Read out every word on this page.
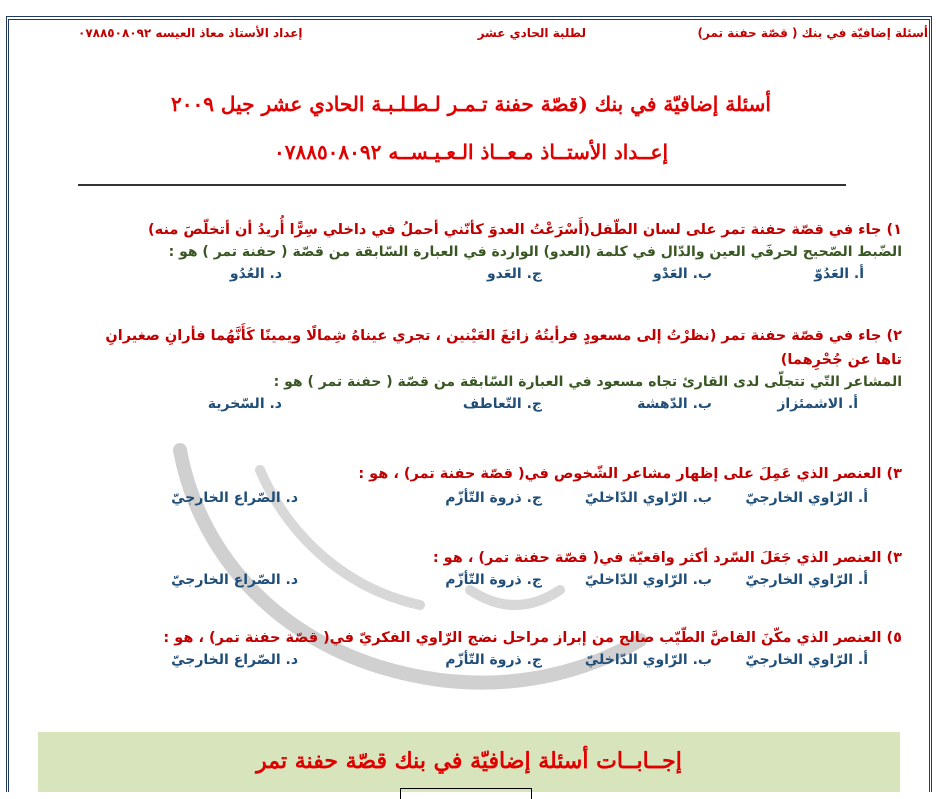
أسئلة إضافيّة في بنك ( قصّة حفنة تمر)
لطلبة الحادي عشر
إعداد الأستاذ معاذ العيسه ٠٧٨٨٥٠٨٠٩٢
أسئلة إضافيّة في بنك (قصّة حفنة تـمـر لـطـلـبـة الحادي عشر جيل ٢٠٠٩
إعــداد الأستــاذ مـعــاذ الـعـيـســه ٠٧٨٨٥٠٨٠٩٢
١) جاء في قصّة حفنة تمر على لسان الطّفل(أَسْرَعْتُ العدوَ كأنّني أحملُ في داخلي سِرًّا أُريدُ أن أتخلّصَ منه)
الضّبط الصّحيح لحرفَي العين والدّال في كلمة (العدو) الواردة في العبارة السّابقة من قصّة ( حفنة تمر ) هو :
أ. العَدُوّ
ب. العَدْو
ج. العَدو
د. العُدُو
٢) جاء في قصّة حفنة تمر (نظرْتُ إلى مسعودٍ فرأيتُهُ زائغَ العَيْنين ، تجري عيناهُ شِمالًا ويمينًا كَأَنَّهُما فأرانِ صغيرانِ
تاها عن جُحْرِهما)
المشاعر التّي تتجلّى لدى القارئ تجاه مسعود في العبارة السّابقة من قصّة ( حفنة تمر ) هو :
أ. الاشمئزاز
ب. الدّهشة
ج. التّعاطف
د. السّخرية
٣) العنصر الذي عَمِلَ على إظهار مشاعر الشّخوص في( قصّة حفنة تمر) ، هو :
أ. الرّاوي الخارجيّ
ب. الرّاوي الدّاخليّ
ج. ذروة التّأزّم
د. الصّراع الخارجيّ
٣) العنصر الذي جَعَلَ السّرد أكثر واقعيّة في( قصّة حفنة تمر) ، هو :
أ. الرّاوي الخارجيّ
ب. الرّاوي الدّاخليّ
ج. ذروة التّأزّم
د. الصّراع الخارجيّ
٥) العنصر الذي مكّنَ القاصَّ الطّيّب صالح من إبراز مراحل نضج الرّاوي الفكريّ في( قصّة حفنة تمر) ، هو :
أ. الرّاوي الخارجيّ
ب. الرّاوي الدّاخليّ
ج. ذروة التّأزّم
د. الصّراع الخارجيّ
إجــابــات أسئلة إضافيّة في بنك قصّة حفنة تمر
